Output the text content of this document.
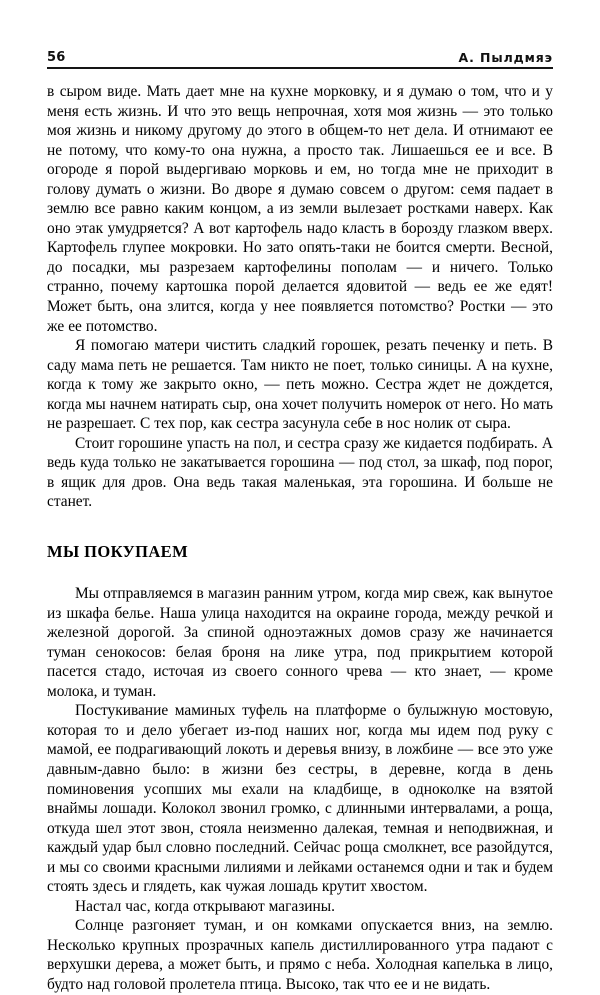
56	А. Пылдмяэ

в сыром виде. Мать дает мне на кухне морковку, и я думаю о том, что и у меня есть жизнь. И что это вещь непрочная, хотя моя жизнь — это только моя жизнь и никому другому до этого в общем-то нет дела. И отнимают ее не потому, что кому-то она нужна, а просто так. Лишаешься ее и все. В огороде я порой выдергиваю морковь и ем, но тогда мне не приходит в голову думать о жизни. Во дворе я думаю совсем о другом: семя падает в землю все равно каким концом, а из земли вылезает ростками наверх. Как оно этак умудряется? А вот картофель надо класть в борозду глазком вверх. Картофель глупее мокровки. Но зато опять-таки не боится смерти. Весной, до посадки, мы разрезаем картофелины пополам — и ничего. Только странно, почему картошка порой делается ядовитой — ведь ее же едят! Может быть, она злится, когда у нее появляется потомство? Ростки — это же ее потомство.

Я помогаю матери чистить сладкий горошек, резать печенку и петь. В саду мама петь не решается. Там никто не поет, только синицы. А на кухне, когда к тому же закрыто окно, — петь можно. Сестра ждет не дождется, когда мы начнем натирать сыр, она хочет получить номерок от него. Но мать не разрешает. С тех пор, как сестра засунула себе в нос нолик от сыра.

Стоит горошине упасть на пол, и сестра сразу же кидается подбирать. А ведь куда только не закатывается горошина — под стол, за шкаф, под порог, в ящик для дров. Она ведь такая маленькая, эта горошина. И больше не станет.

МЫ ПОКУПАЕМ

Мы отправляемся в магазин ранним утром, когда мир свеж, как вынутое из шкафа белье. Наша улица находится на окраине города, между речкой и железной дорогой. За спиной одноэтажных домов сразу же начинается туман сенокосов: белая броня на лике утра, под прикрытием которой пасется стадо, источая из своего сонного чрева — кто знает, — кроме молока, и туман.

Постукивание маминых туфель на платформе о булыжную мостовую, которая то и дело убегает из-под наших ног, когда мы идем под руку с мамой, ее подрагивающий локоть и деревья внизу, в ложбине — все это уже давным-давно было: в жизни без сестры, в деревне, когда в день поминовения усопших мы ехали на кладбище, в одноколке на взятой внаймы лошади. Колокол звонил громко, с длинными интервалами, а роща, откуда шел этот звон, стояла неизменно далекая, темная и неподвижная, и каждый удар был словно последний. Сейчас роща смолкнет, все разойдутся, и мы со своими красными лилиями и лейками останемся одни и так и будем стоять здесь и глядеть, как чужая лошадь крутит хвостом.

Настал час, когда открывают магазины.

Солнце разгоняет туман, и он комками опускается вниз, на землю. Несколько крупных прозрачных капель дистиллированного утра падают с верхушки дерева, а может быть, и прямо с неба. Холодная капелька в лицо, будто над головой пролетела птица. Высоко, так что ее и не видать.
